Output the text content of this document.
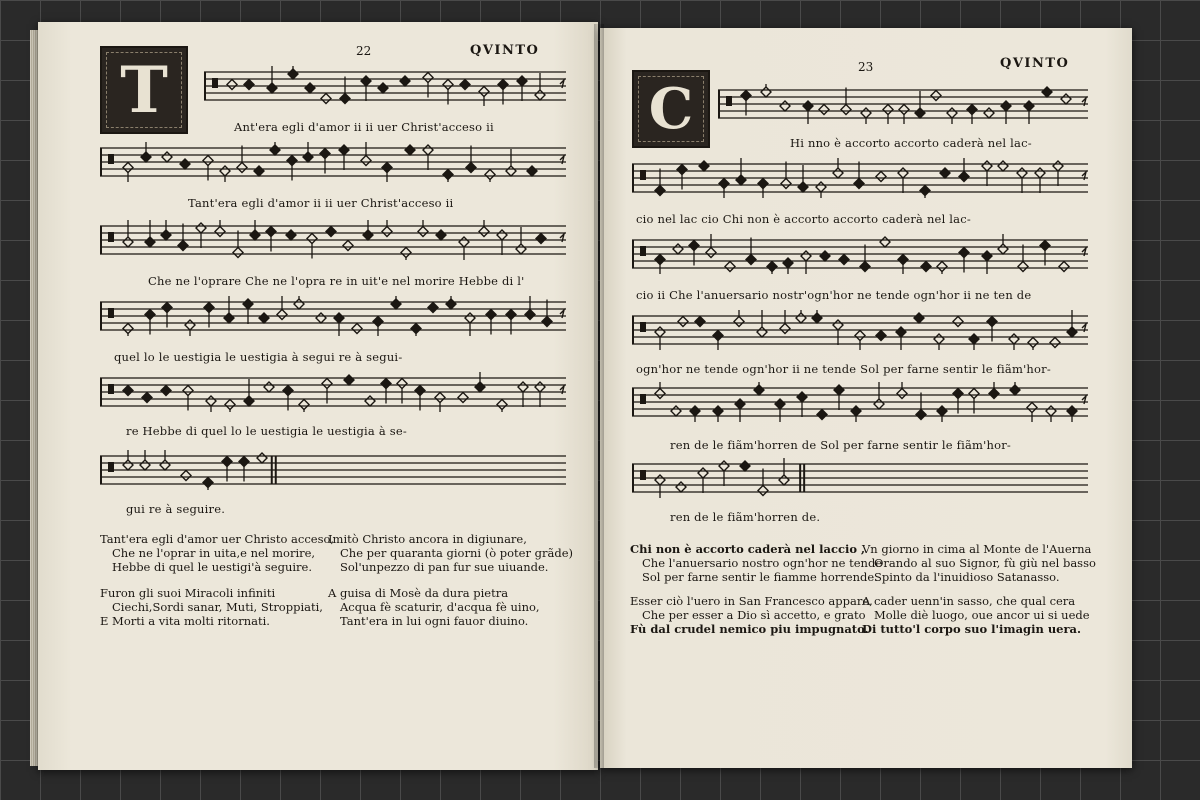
22	QVINTO
T	Ant'era egli d'amor ii ii uer Christ'acceso ii
Tant'era egli d'amor ii ii uer Christ'acceso ii
Che ne l'oprare Che ne l'opra re in uit'e nel morire Hebbe di l'
quel lo le uestigia le uestigia à segui re à segui-
re Hebbe di quel lo le uestigia le uestigia à se-
gui re à seguire.
Tant'era egli d'amor uer Christo acceso,
Che ne l'oprar in uita,e nel morire,
Hebbe di quel le uestigi'à seguire.
Imitò Christo ancora in digiunare,
Che per quaranta giorni (ò poter grãde)
Sol'unpezzo di pan fur sue uiuande.
Furon gli suoi Miracoli infiniti
Ciechi,Sordi sanar, Muti, Stroppiati,
E Morti a vita molti ritornati.
A guisa di Mosè da dura pietra
Acqua fè scaturir, d'acqua fè uino,
Tant'era in lui ogni fauor diuino.
23	QVINTO
C
Hi nno è accorto accorto caderà nel lac-
cio nel lac cio Chi non è accorto accorto caderà nel lac-
cio ii Che l'anuersario nostr'ogn'hor ne tende ogn'hor ii ne ten de
ogn'hor ne tende ogn'hor ii ne tende Sol per farne sentir le fiãm'hor-
ren de le fiãm'horren de Sol per farne sentir le fiãm'hor-
ren de le fiãm'horren de.
Chi non è accorto caderà nel laccio ,
Che l'anuersario nostro ogn'hor ne tende
Sol per farne sentir le fiamme horrende.
Vn giorno in cima al Monte de l'Auerna
Orando al suo Signor, fù giù nel basso
Spinto da l'inuidioso Satanasso.
Esser ciò l'uero in San Francesco appare,
Che per esser a Dio sì accetto, e grato
Fù dal crudel nemico piu impugnato.
A cader uenn'in sasso, che qual cera
Molle diè luogo, oue ancor ui si uede
Di tutto'l corpo suo l'imagin uera.
